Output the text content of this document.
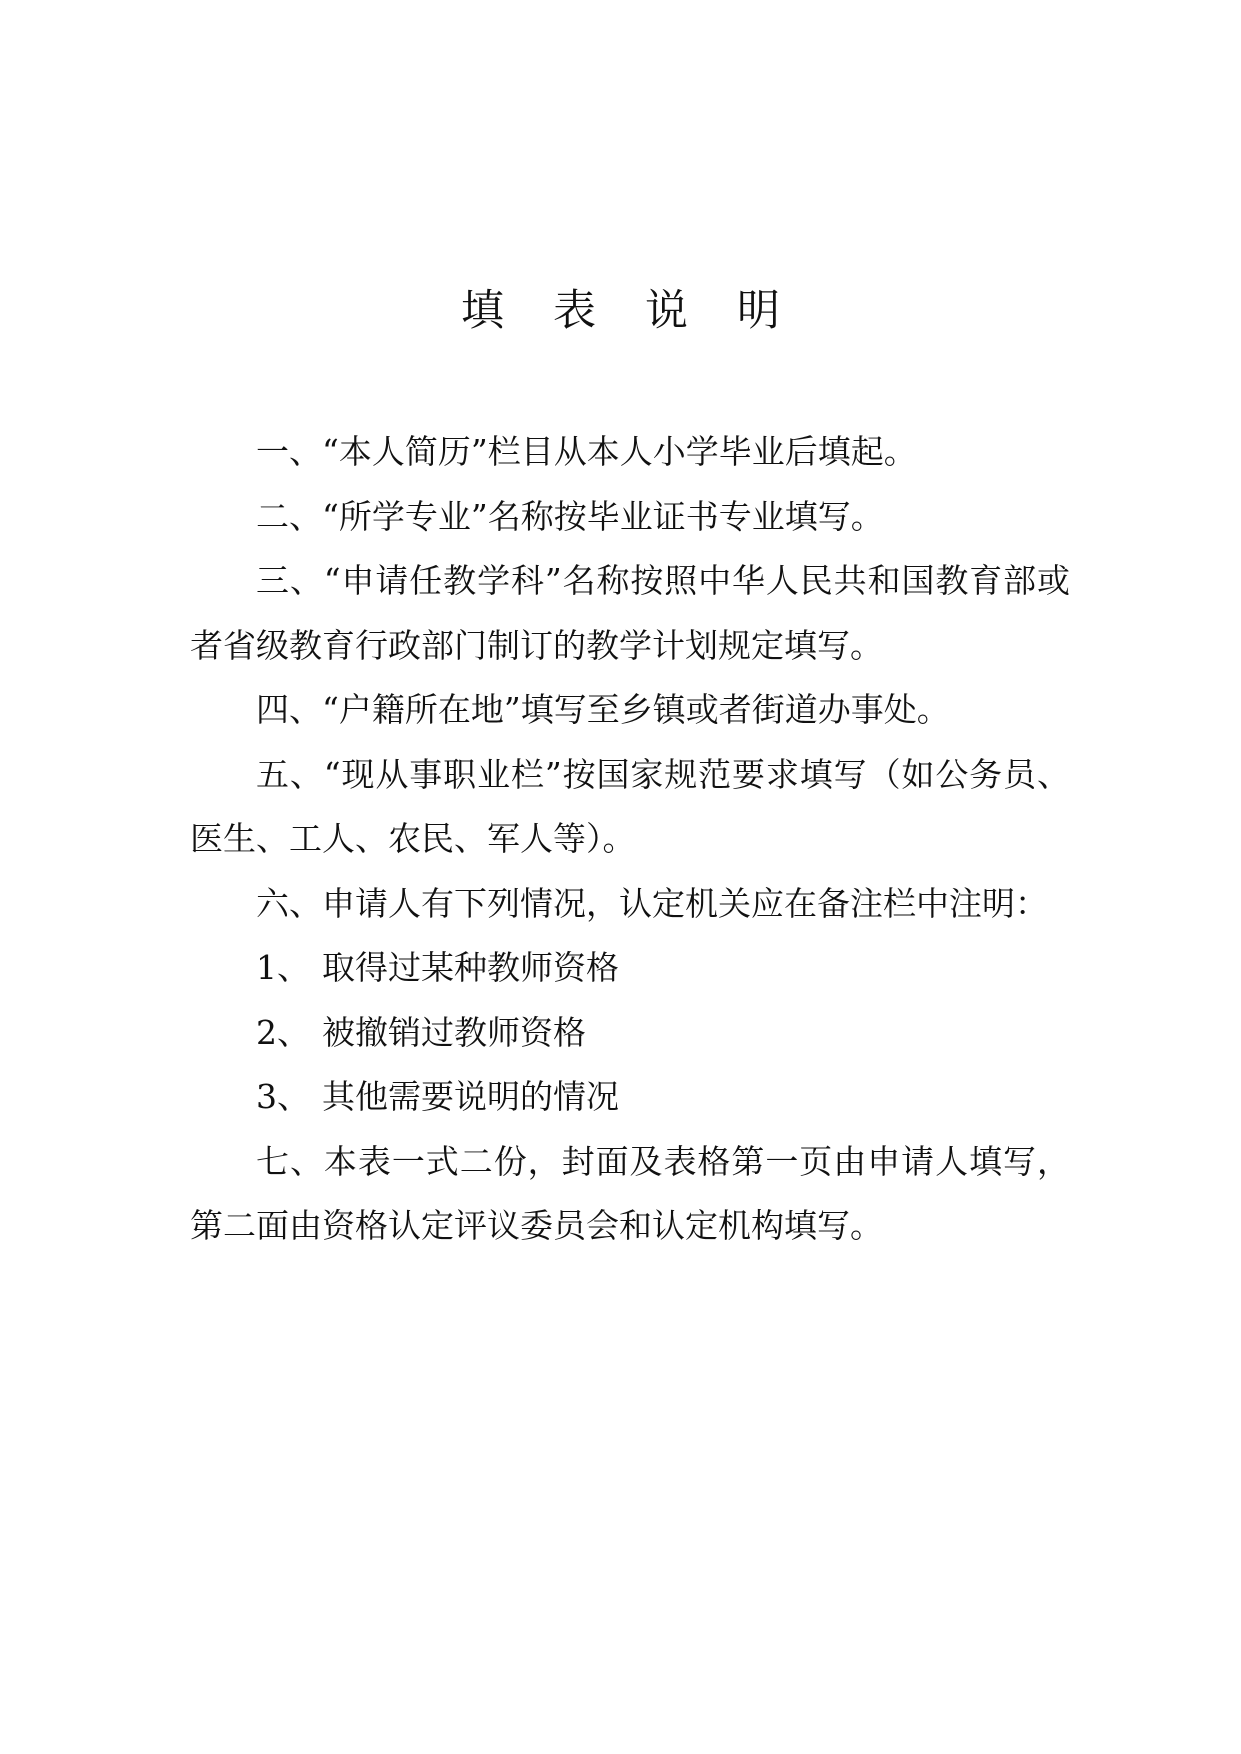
填表说明

一、“本人简历”栏目从本人小学毕业后填起。

二、“所学专业”名称按毕业证书专业填写。

三、“申请任教学科”名称按照中华人民共和国教育部或者省级教育行政部门制订的教学计划规定填写。

四、“户籍所在地”填写至乡镇或者街道办事处。

五、“现从事职业栏”按国家规范要求填写（如公务员、医生、工人、农民、军人等）。

六、申请人有下列情况，认定机关应在备注栏中注明：

1、 取得过某种教师资格

2、 被撤销过教师资格

3、 其他需要说明的情况

七、本表一式二份，封面及表格第一页由申请人填写，第二面由资格认定评议委员会和认定机构填写。
